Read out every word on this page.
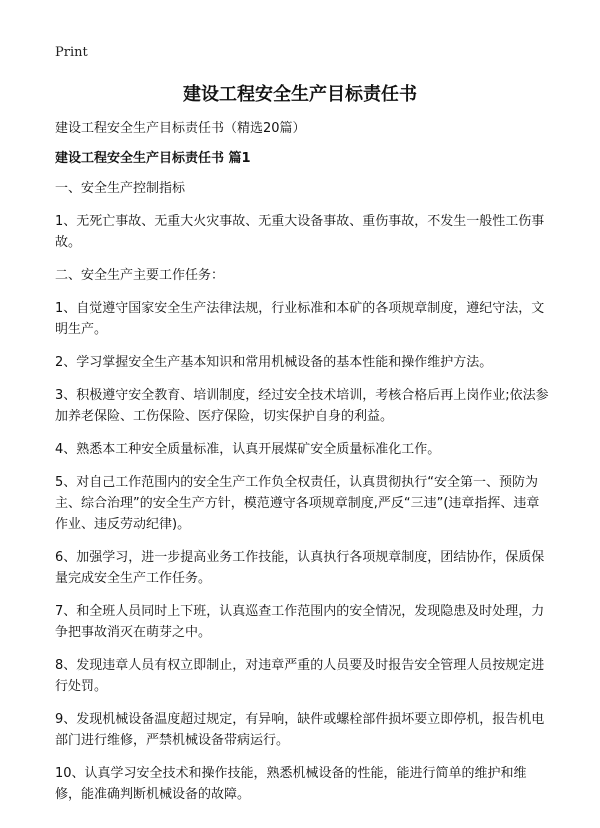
Print
建设工程安全生产目标责任书

建设工程安全生产目标责任书（精选20篇）

建设工程安全生产目标责任书 篇1

一、安全生产控制指标

1、无死亡事故、无重大火灾事故、无重大设备事故、重伤事故，不发生一般性工伤事故。

二、安全生产主要工作任务：

1、自觉遵守国家安全生产法律法规，行业标准和本矿的各项规章制度，遵纪守法，文明生产。

2、学习掌握安全生产基本知识和常用机械设备的基本性能和操作维护方法。

3、积极遵守安全教育、培训制度，经过安全技术培训，考核合格后再上岗作业;依法参加养老保险、工伤保险、医疗保险，切实保护自身的利益。

4、熟悉本工种安全质量标准，认真开展煤矿安全质量标准化工作。

5、对自己工作范围内的安全生产工作负全权责任，认真贯彻执行“安全第一、预防为主、综合治理”的安全生产方针，模范遵守各项规章制度,严反“三违”(违章指挥、违章作业、违反劳动纪律)。

6、加强学习，进一步提高业务工作技能，认真执行各项规章制度，团结协作，保质保量完成安全生产工作任务。

7、和全班人员同时上下班，认真巡查工作范围内的安全情况，发现隐患及时处理，力争把事故消灭在萌芽之中。

8、发现违章人员有权立即制止，对违章严重的人员要及时报告安全管理人员按规定进行处罚。

9、发现机械设备温度超过规定，有异响，缺件或螺栓部件损坏要立即停机，报告机电部门进行维修，严禁机械设备带病运行。

10、认真学习安全技术和操作技能，熟悉机械设备的性能，能进行简单的维护和维修，能准确判断机械设备的故障。
